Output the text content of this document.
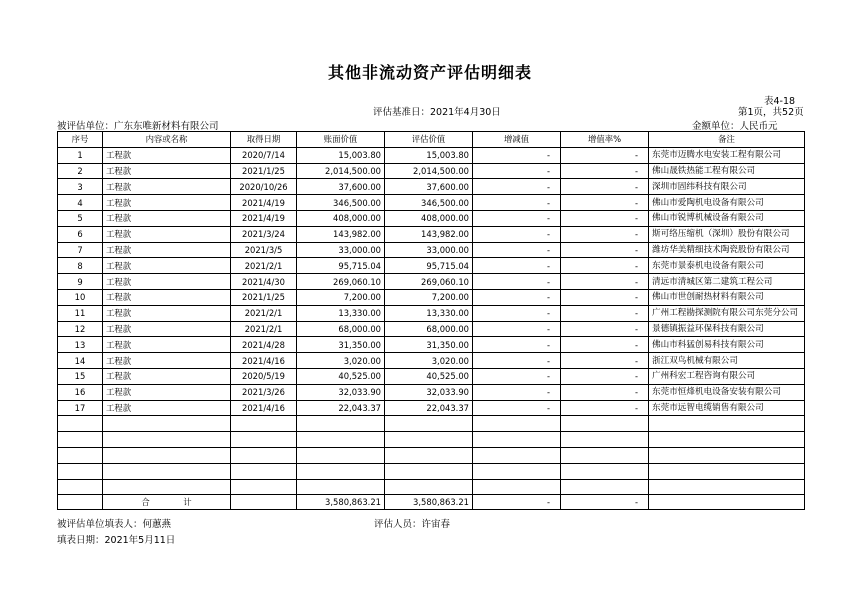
其他非流动资产评估明细表
表4-18
评估基准日：2021年4月30日	第1页，共52页
被评估单位：广东东唯新材料有限公司	金额单位：人民币元
序号	内容或名称	取得日期	账面价值	评估价值	增减值	增值率%	备注
1	工程款	2020/7/14	15,003.80	15,003.80	-	-	东莞市迈腾水电安装工程有限公司
2	工程款	2021/1/25	2,014,500.00	2,014,500.00	-	-	佛山晟铁热能工程有限公司
3	工程款	2020/10/26	37,600.00	37,600.00	-	-	深圳市固纬科技有限公司
4	工程款	2021/4/19	346,500.00	346,500.00	-	-	佛山市爱陶机电设备有限公司
5	工程款	2021/4/19	408,000.00	408,000.00	-	-	佛山市锐博机械设备有限公司
6	工程款	2021/3/24	143,982.00	143,982.00	-	-	斯可络压缩机（深圳）股份有限公司
7	工程款	2021/3/5	33,000.00	33,000.00	-	-	潍坊华美精细技术陶瓷股份有限公司
8	工程款	2021/2/1	95,715.04	95,715.04	-	-	东莞市景泰机电设备有限公司
9	工程款	2021/4/30	269,060.10	269,060.10	-	-	清远市清城区第二建筑工程公司
10	工程款	2021/1/25	7,200.00	7,200.00	-	-	佛山市世创耐热材料有限公司
11	工程款	2021/2/1	13,330.00	13,330.00	-	-	广州工程勘探测院有限公司东莞分公司
12	工程款	2021/2/1	68,000.00	68,000.00	-	-	景德镇振益环保科技有限公司
13	工程款	2021/4/28	31,350.00	31,350.00	-	-	佛山市科猛创易科技有限公司
14	工程款	2021/4/16	3,020.00	3,020.00	-	-	浙江双鸟机械有限公司
15	工程款	2020/5/19	40,525.00	40,525.00	-	-	广州科宏工程咨询有限公司
16	工程款	2021/3/26	32,033.90	32,033.90	-	-	东莞市恒烽机电设备安装有限公司
17	工程款	2021/4/16	22,043.37	22,043.37	-	-	东莞市远智电缆销售有限公司

	合　　　　计		3,580,863.21	3,580,863.21	-	-	
被评估单位填表人：何蕙燕	评估人员：许宙春
填表日期：2021年5月11日
